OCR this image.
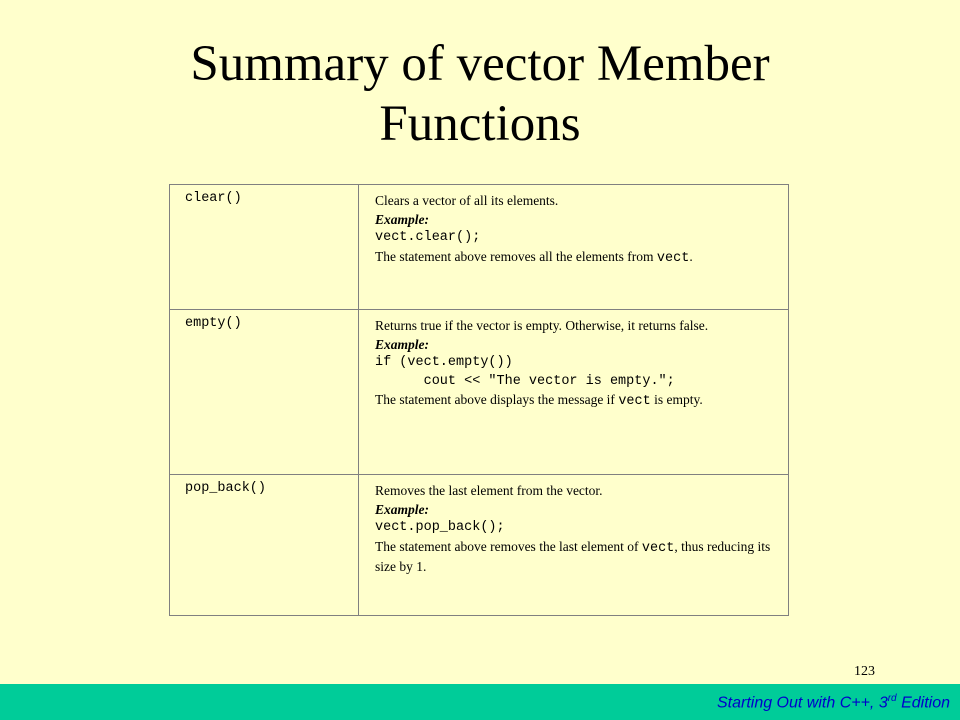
Summary of vector Member
Functions
clear()	Clears a vector of all its elements.
Example:
vect.clear();
The statement above removes all the elements from vect.
empty()	Returns true if the vector is empty. Otherwise, it returns false.
Example:
if (vect.empty())
cout << "The vector is empty.";
The statement above displays the message if vect is empty.
pop_back()	Removes the last element from the vector.
Example:
vect.pop_back();
The statement above removes the last element of vect, thus reducing its size by 1.
123
Starting Out with C++, 3rd Edition
